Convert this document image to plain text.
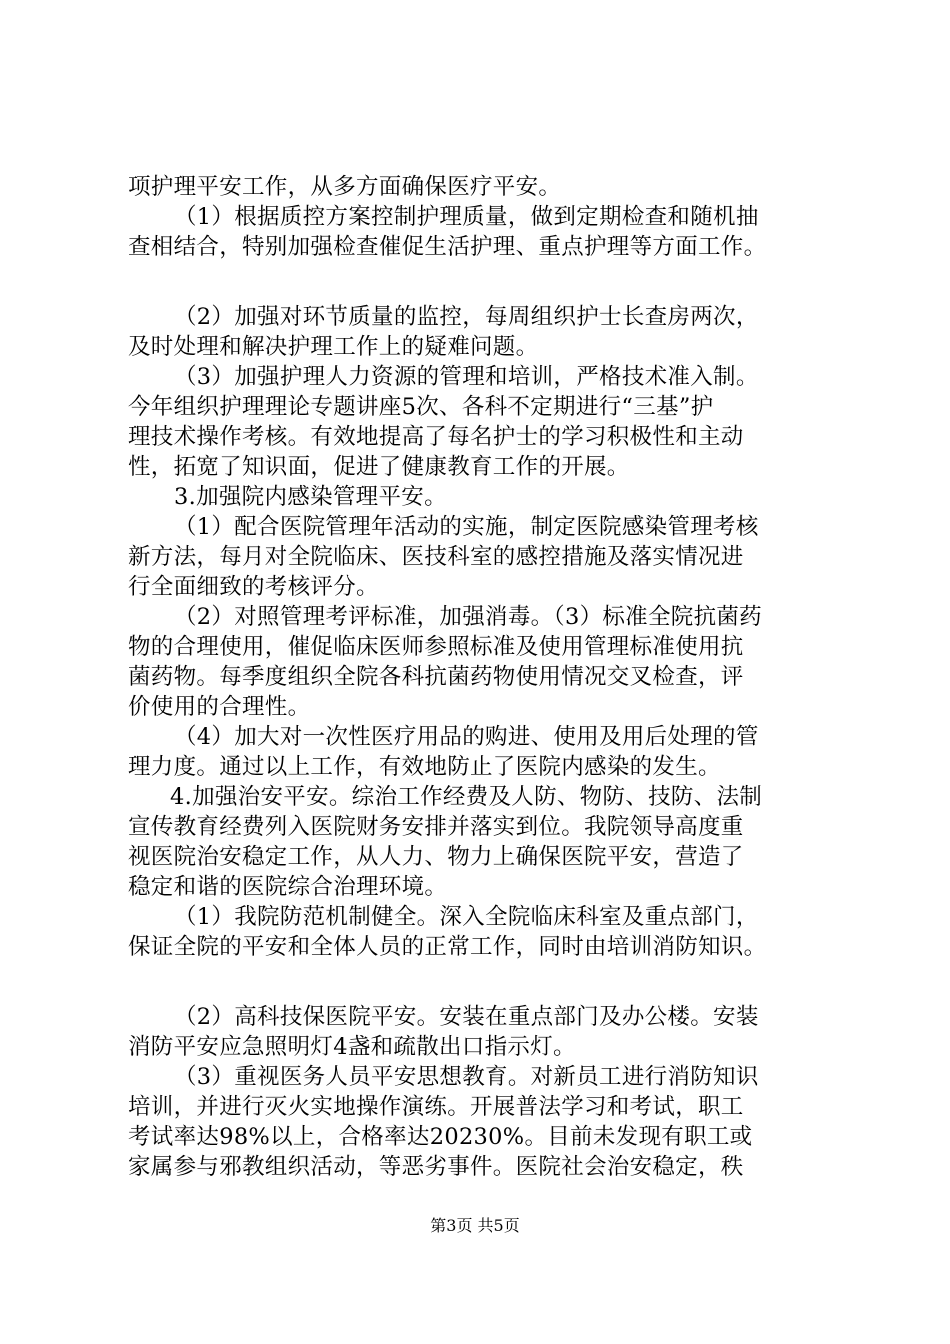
项护理平安工作，从多方面确保医疗平安。
（1）根据质控方案控制护理质量，做到定期检查和随机抽
查相结合，特别加强检查催促生活护理、重点护理等方面工作。
（2）加强对环节质量的监控，每周组织护士长查房两次，
及时处理和解决护理工作上的疑难问题。
（3）加强护理人力资源的管理和培训，严格技术准入制。
今年组织护理理论专题讲座5次、各科不定期进行“三基”护
理技术操作考核。有效地提高了每名护士的学习积极性和主动
性，拓宽了知识面，促进了健康教育工作的开展。
3.加强院内感染管理平安。
（1）配合医院管理年活动的实施，制定医院感染管理考核
新方法，每月对全院临床、医技科室的感控措施及落实情况进
行全面细致的考核评分。
（2）对照管理考评标准，加强消毒。（3）标准全院抗菌药
物的合理使用，催促临床医师参照标准及使用管理标准使用抗
菌药物。每季度组织全院各科抗菌药物使用情况交叉检查，评
价使用的合理性。
（4）加大对一次性医疗用品的购进、使用及用后处理的管
理力度。通过以上工作，有效地防止了医院内感染的发生。
4.加强治安平安。综治工作经费及人防、物防、技防、法制
宣传教育经费列入医院财务安排并落实到位。我院领导高度重
视医院治安稳定工作，从人力、物力上确保医院平安，营造了
稳定和谐的医院综合治理环境。
（1）我院防范机制健全。深入全院临床科室及重点部门，
保证全院的平安和全体人员的正常工作，同时由培训消防知识。
（2）高科技保医院平安。安装在重点部门及办公楼。安装
消防平安应急照明灯4盏和疏散出口指示灯。
（3）重视医务人员平安思想教育。对新员工进行消防知识
培训，并进行灭火实地操作演练。开展普法学习和考试，职工
考试率达98%以上，合格率达20230%。目前未发现有职工或
家属参与邪教组织活动，等恶劣事件。医院社会治安稳定，秩
第3页 共5页
